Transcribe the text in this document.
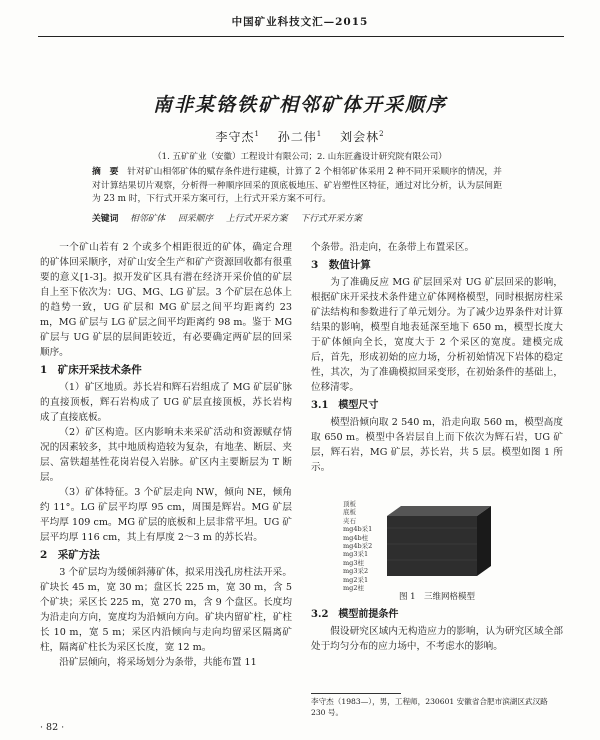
中国矿业科技文汇—2015
南非某铬铁矿相邻矿体开采顺序
李守杰$^1$　 孙二伟$^1$　 刘会林$^2$
（1. 五矿矿业（安徽）工程设计有限公司；2. 山东匠鑫设计研究院有限公司）
摘　要　 针对矿山相邻矿体的赋存条件进行建模，计算了 2 个相邻矿体采用 2 种不同开采顺序的情况，并对计算结果切片观察，分析得一种顺序回采的顶底板地压、矿岩塑性区特征，通过对比分析，认为层间距为 23 m 时，下行式开采方案可行，上行式开采方案不可行。
关键词　 相邻矿体 回采顺序 上行式开采方案 下行式开采方案

一个矿山若有 2 个或多个相距很近的矿体，确定合理的矿体回采顺序，对矿山安全生产和矿产资源回收都有很重要的意义[1-3]。拟开发矿区具有潜在经济开采价值的矿层自上至下依次为：UG、MG、LG 矿层。3 个矿层在总体上的趋势一致，UG 矿层和 MG 矿层之间平均距离约 23 m，MG 矿层与 LG 矿层之间平均距离约 98 m。鉴于 MG 矿层与 UG 矿层的层间距较近，有必要确定两矿层的回采顺序。

1　矿床开采技术条件

（1）矿区地质。苏长岩和辉石岩组成了 MG 矿层矿脉的直接顶板，辉石岩构成了 UG 矿层直接顶板，苏长岩构成了直接底板。

（2）矿区构造。区内影响未来采矿活动和资源赋存情况的因素较多，其中地质构造较为复杂，有地垄、断层、夹层、富铁超基性花岗岩侵入岩脉。矿区内主要断层为 T 断层。

（3）矿体特征。3 个矿层走向 NW，倾向 NE，倾角约 11°。LG 矿层平均厚 95 cm，周围是辉岩。MG 矿层平均厚 109 cm。MG 矿层的底板和上层非常平坦。UG 矿层平均厚 116 cm，其上有厚度 2～3 m 的苏长岩。

2　采矿方法

3 个矿层均为缓倾斜薄矿体，拟采用浅孔房柱法开采。矿块长 45 m，宽 30 m；盘区长 225 m，宽 30 m，含 5 个矿块；采区长 225 m，宽 270 m，含 9 个盘区。长度均为沿走向方向，宽度均为沿倾向方向。矿块内留矿柱，矿柱长 10 m，宽 5 m；采区内沿倾向与走向均留采区隔离矿柱，隔离矿柱长为采区长度，宽 12 m。

沿矿层倾向，将采场划分为条带，共能布置 11

个条带。沿走向，在条带上布置采区。

3　数值计算

为了准确反应 MG 矿层回采对 UG 矿层回采的影响，根据矿床开采技术条件建立矿体网格模型，同时根据房柱采矿法结构和参数进行了单元划分。为了减少边界条件对计算结果的影响，模型自地表延深至地下 650 m，模型长度大于矿体倾向全长，宽度大于 2 个采区的宽度。建模完成后，首先，形成初始的应力场，分析初始情况下岩体的稳定性，其次，为了准确模拟回采变形，在初始条件的基础上，位移清零。

3.1　模型尺寸

模型沿倾向取 2 540 m，沿走向取 560 m，模型高度取 650 m。模型中各岩层自上而下依次为辉石岩，UG 矿层，辉石岩，MG 矿层，苏长岩，共 5 层。模型如图 1 所示。

顶板
底板
夹石
mg4b采1
mg4b柱
mg4b采2
mg3采1
mg3柱
mg3采2
mg2采1
mg2柱
图 1　三维网格模型
3.2　模型前提条件

假设研究区域内无构造应力的影响，认为研究区域全部处于均匀分布的应力场中，不考虑水的影响。

李守杰（1983—），男，工程师，230601 安徽省合肥市滨湖区武汉路 230 号。
· 82 ·
